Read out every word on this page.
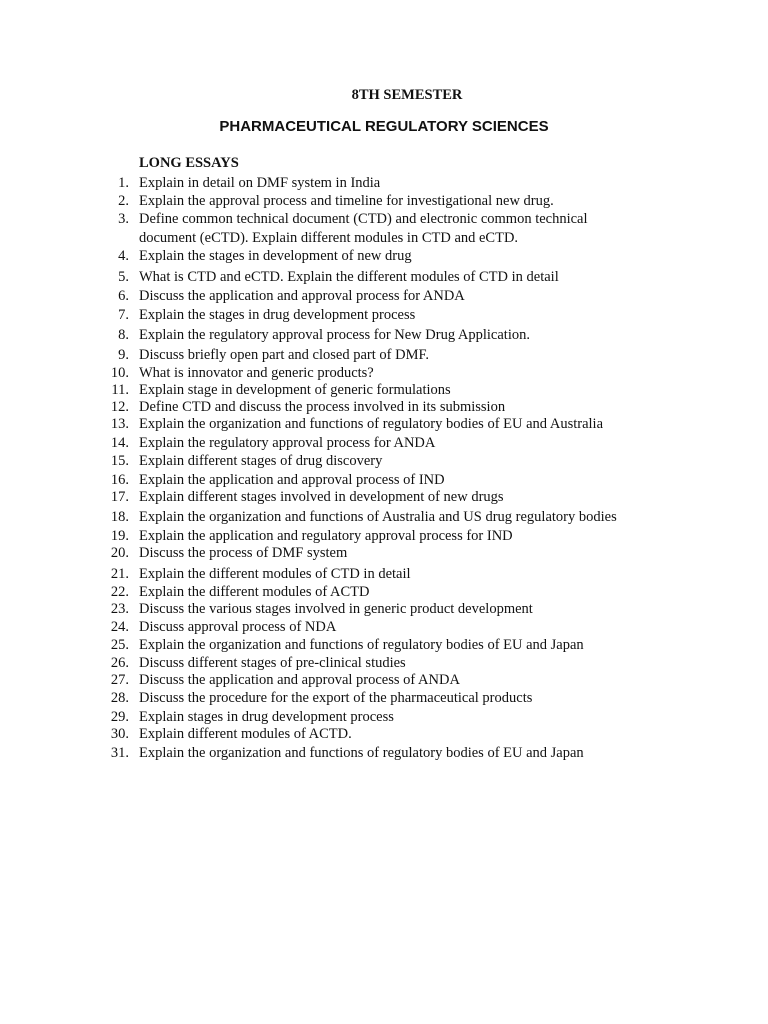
8TH SEMESTER
PHARMACEUTICAL REGULATORY SCIENCES
LONG ESSAYS
1. Explain in detail on DMF system in India
2. Explain the approval process and timeline for investigational new drug.
3. Define common technical document (CTD) and electronic common technical
document (eCTD). Explain different modules in CTD and eCTD.
4. Explain the stages in development of new drug
5. What is CTD and eCTD. Explain the different modules of CTD in detail
6. Discuss the application and approval process for ANDA
7. Explain the stages in drug development process
8. Explain the regulatory approval process for New Drug Application.
9. Discuss briefly open part and closed part of DMF.
10. What is innovator and generic products?
11. Explain stage in development of generic formulations
12. Define CTD and discuss the process involved in its submission
13. Explain the organization and functions of regulatory bodies of EU and Australia
14. Explain the regulatory approval process for ANDA
15. Explain different stages of drug discovery
16. Explain the application and approval process of IND
17. Explain different stages involved in development of new drugs
18. Explain the organization and functions of Australia and US drug regulatory bodies
19. Explain the application and regulatory approval process for IND
20. Discuss the process of DMF system
21. Explain the different modules of CTD in detail
22. Explain the different modules of ACTD
23. Discuss the various stages involved in generic product development
24. Discuss approval process of NDA
25. Explain the organization and functions of regulatory bodies of EU and Japan
26. Discuss different stages of pre-clinical studies
27. Discuss the application and approval process of ANDA
28. Discuss the procedure for the export of the pharmaceutical products
29. Explain stages in drug development process
30. Explain different modules of ACTD.
31. Explain the organization and functions of regulatory bodies of EU and Japan
